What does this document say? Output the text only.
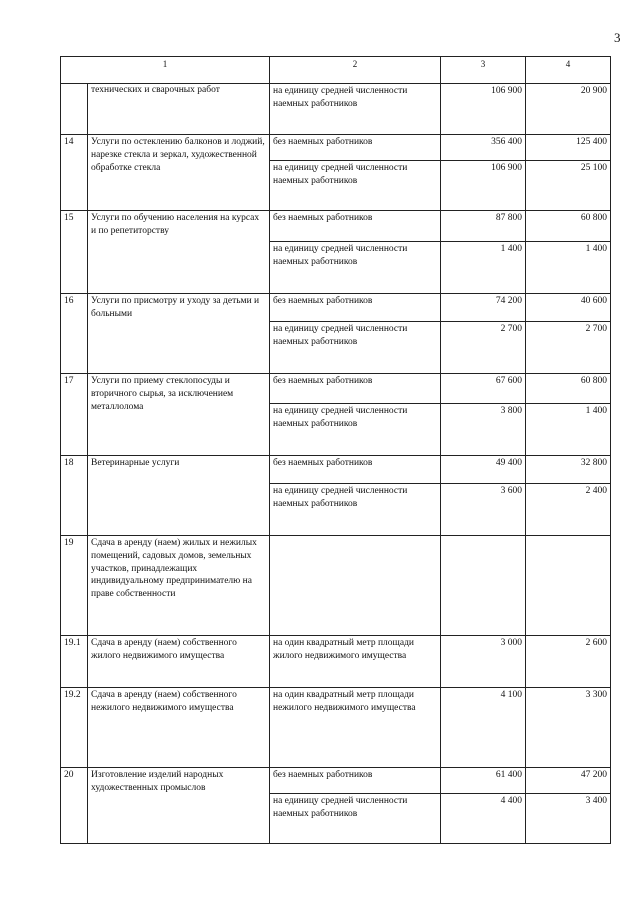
3
1		2	3	4
	технических и сварочных работ	на единицу средней численности наемных работников	106 900	20 900
14	Услуги по остеклению балконов и лоджий, нарезке стекла и зеркал, художественной обработке стекла	без наемных работников	356 400	125 400
		на единицу средней численности наемных работников	106 900	25 100
15	Услуги по обучению населения на курсах и по репетиторству	без наемных работников	87 800	60 800
		на единицу средней численности наемных работников	1 400	1 400
16	Услуги по присмотру и уходу за детьми и больными	без наемных работников	74 200	40 600
		на единицу средней численности наемных работников	2 700	2 700
17	Услуги по приему стеклопосуды и вторичного сырья, за исключением металлолома	без наемных работников	67 600	60 800
		на единицу средней численности наемных работников	3 800	1 400
18	Ветеринарные услуги	без наемных работников	49 400	32 800
		на единицу средней численности наемных работников	3 600	2 400
19	Сдача в аренду (наем) жилых и нежилых помещений, садовых домов, земельных участков, принадлежащих индивидуальному предпринимателю на праве собственности			
19.1	Сдача в аренду (наем) собственного жилого недвижимого имущества	на один квадратный метр площади жилого недвижимого имущества	3 000	2 600
19.2	Сдача в аренду (наем) собственного нежилого недвижимого имущества	на один квадратный метр площади нежилого недвижимого имущества	4 100	3 300
20	Изготовление изделий народных художественных промыслов	без наемных работников	61 400	47 200
		на единицу средней численности наемных работников	4 400	3 400
